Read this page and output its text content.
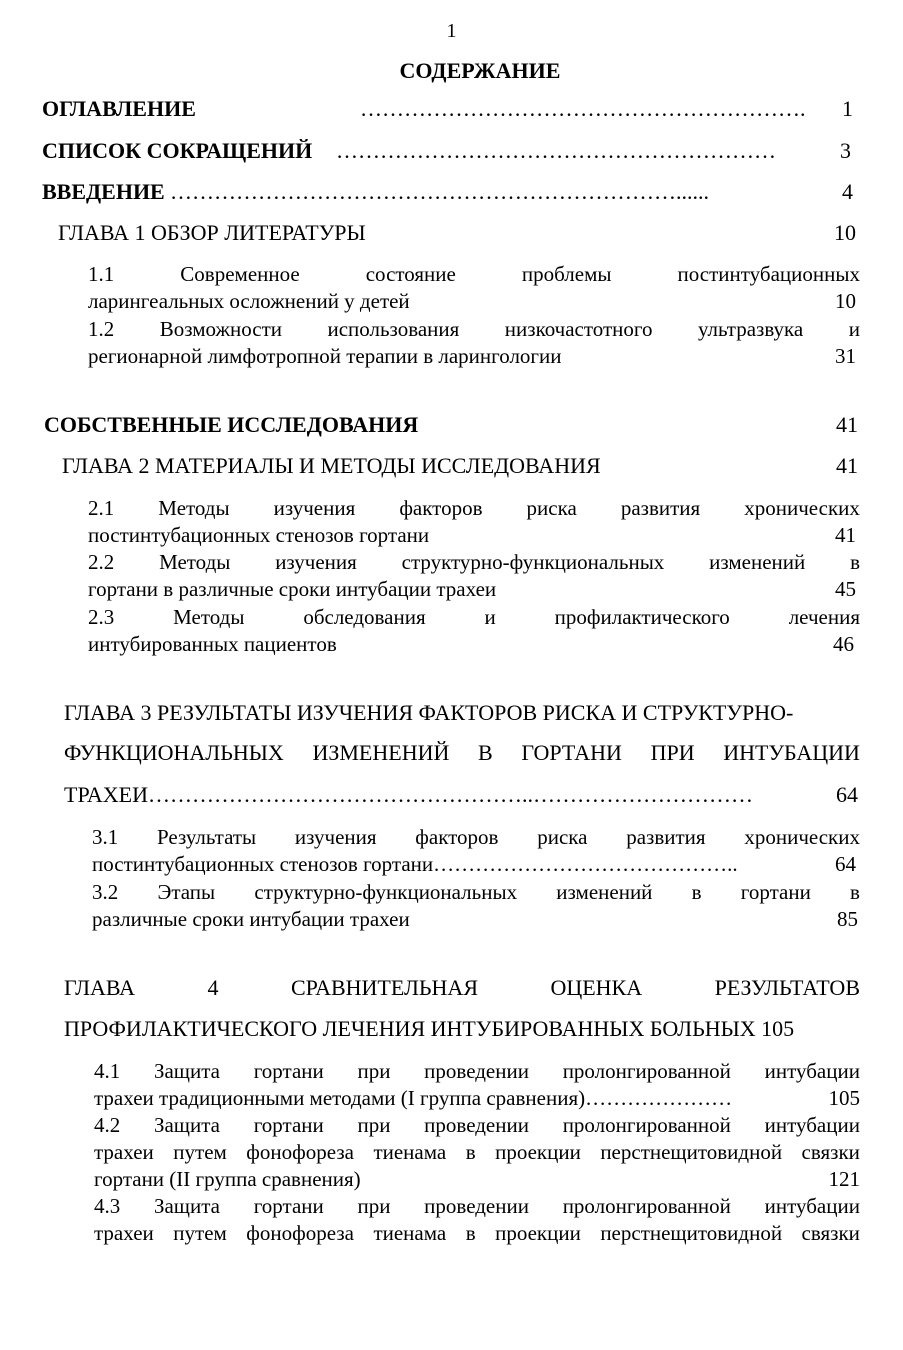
1
СОДЕРЖАНИЕ
ОГЛАВЛЕНИЕ	……………………………………………………. 1
СПИСОК СОКРАЩЕНИЙ ……………………………………………………	3
ВВЕДЕНИЕ ……………………………………………………………......	4
ГЛАВА 1 ОБЗОР ЛИТЕРАТУРЫ	10
1.1	Современное	состояние	проблемы	постинтубационных
ларингеальных осложнений у детей	10
1.2 Возможности использования низкочастотного ультразвука и
регионарной лимфотропной терапии в ларингологии	31
СОБСТВЕННЫЕ ИССЛЕДОВАНИЯ	41
ГЛАВА 2 МАТЕРИАЛЫ И МЕТОДЫ ИССЛЕДОВАНИЯ	41
2.1 Методы изучения факторов риска развития хронических
постинтубационных стенозов гортани	41
2.2 Методы изучения структурно-функциональных изменений в
гортани в различные сроки интубации трахеи	45
2.3	Методы	обследования	и	профилактического	лечения
интубированных пациентов	46
ГЛАВА 3 РЕЗУЛЬТАТЫ ИЗУЧЕНИЯ ФАКТОРОВ РИСКА И СТРУКТУРНО-
ФУНКЦИОНАЛЬНЫХ ИЗМЕНЕНИЙ В ГОРТАНИ ПРИ ИНТУБАЦИИ
ТРАХЕИ……………………………………………..…………………………	64
3.1 Результаты изучения факторов риска развития хронических
постинтубационных стенозов гортани……………………………………..	64
3.2 Этапы структурно-функциональных изменений в гортани в
различные сроки интубации трахеи	85
ГЛАВА	4	СРАВНИТЕЛЬНАЯ	ОЦЕНКА	РЕЗУЛЬТАТОВ
ПРОФИЛАКТИЧЕСКОГО ЛЕЧЕНИЯ ИНТУБИРОВАННЫХ БОЛЬНЫХ 105
4.1 Защита гортани при проведении пролонгированной интубации
трахеи традиционными методами (I группа сравнения)…………………	105
4.2 Защита гортани при проведении пролонгированной интубации
трахеи путем фонофореза тиенама в проекции перстнещитовидной связки
гортани (II группа сравнения)	121
4.3 Защита гортани при проведении пролонгированной интубации
трахеи путем фонофореза тиенама в проекции перстнещитовидной связки
